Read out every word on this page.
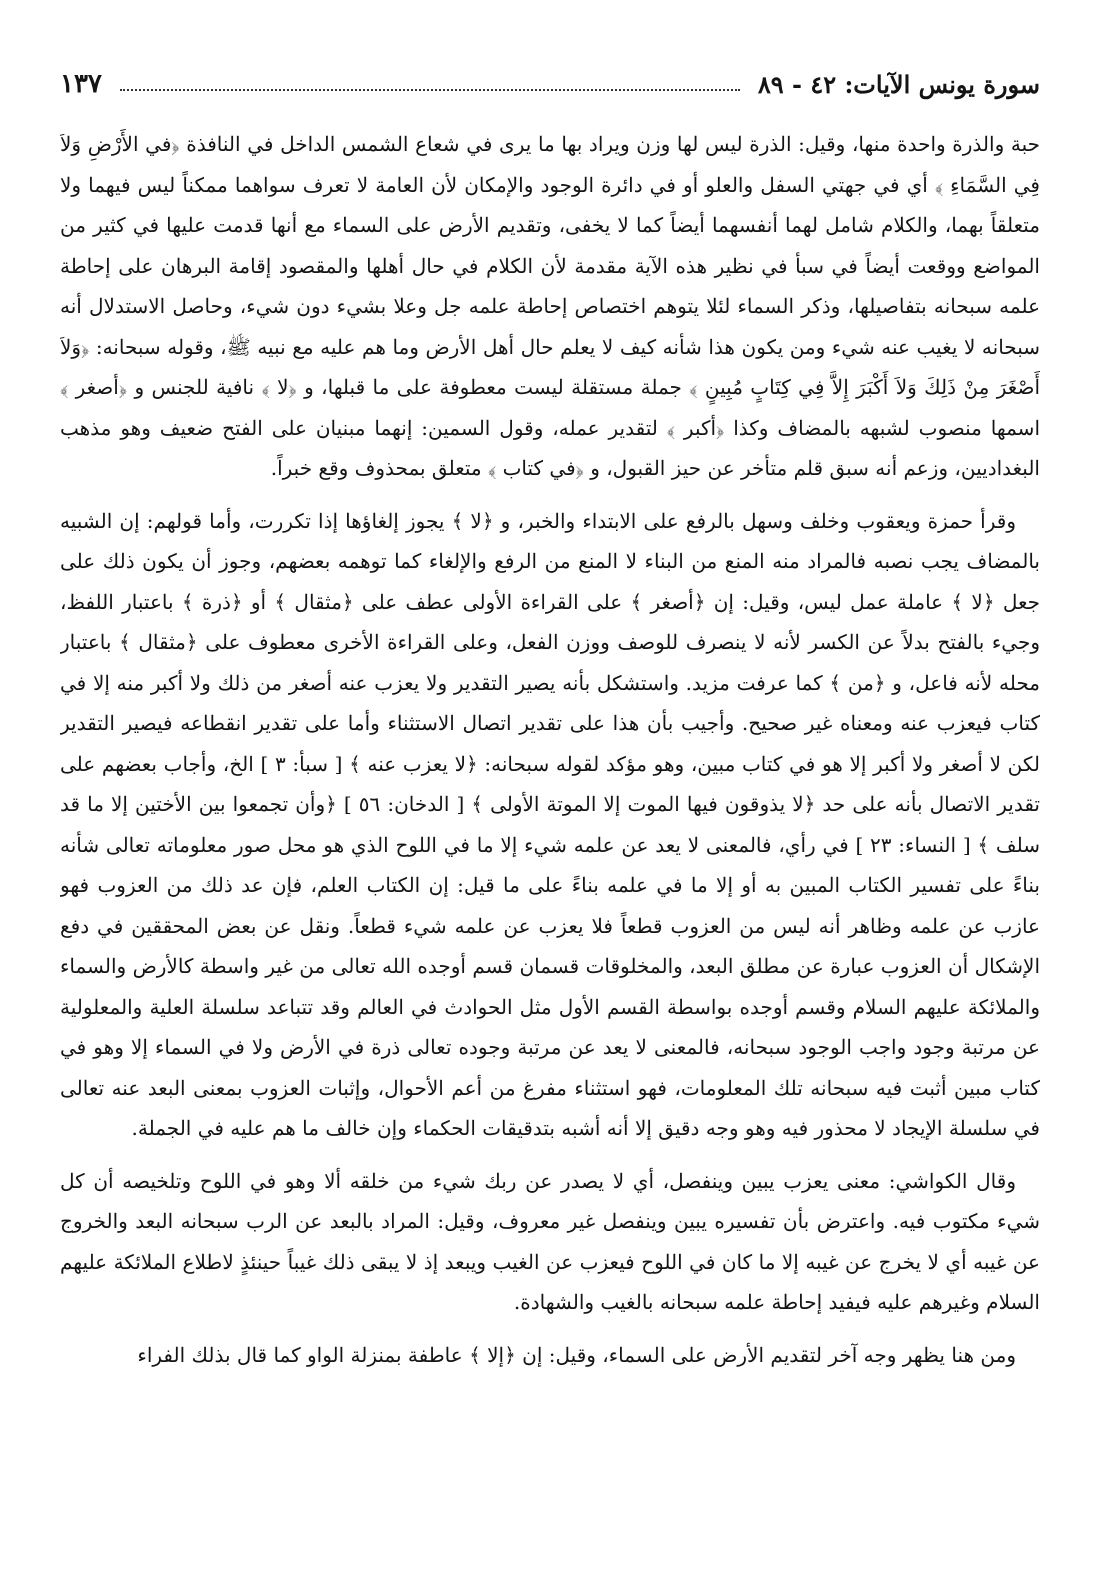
سورة يونس الآيات: ٤٢ - ٨٩
١٣٧

حبة والذرة واحدة منها، وقيل: الذرة ليس لها وزن ويراد بها ما يرى في شعاع الشمس الداخل في النافذة ﴿في الأَرْضِ وَلاَ فِي السَّمَاءِ ﴾ أي في جهتي السفل والعلو أو في دائرة الوجود والإمكان لأن العامة لا تعرف سواهما ممكناً ليس فيهما ولا متعلقاً بهما، والكلام شامل لهما أنفسهما أيضاً كما لا يخفى، وتقديم الأرض على السماء مع أنها قدمت عليها في كثير من المواضع ووقعت أيضاً في سبأ في نظير هذه الآية مقدمة لأن الكلام في حال أهلها والمقصود إقامة البرهان على إحاطة علمه سبحانه بتفاصيلها، وذكر السماء لئلا يتوهم اختصاص إحاطة علمه جل وعلا بشيء دون شيء، وحاصل الاستدلال أنه سبحانه لا يغيب عنه شيء ومن يكون هذا شأنه كيف لا يعلم حال أهل الأرض وما هم عليه مع نبيه ﷺ، وقوله سبحانه: ﴿وَلاَ أَصْغَرَ مِنْ ذَلِكَ وَلاَ أَكْبَرَ إِلاَّ فِي كِتَابٍ مُبِينٍ ﴾ جملة مستقلة ليست معطوفة على ما قبلها، و ﴿لا ﴾ نافية للجنس و ﴿أصغر ﴾ اسمها منصوب لشبهه بالمضاف وكذا ﴿أكبر ﴾ لتقدير عمله، وقول السمين: إنهما مبنيان على الفتح ضعيف وهو مذهب البغداديين، وزعم أنه سبق قلم متأخر عن حيز القبول، و ﴿في كتاب ﴾ متعلق بمحذوف وقع خبراً.

وقرأ حمزة ويعقوب وخلف وسهل بالرفع على الابتداء والخبر، و ﴿لا ﴾ يجوز إلغاؤها إذا تكررت، وأما قولهم: إن الشبيه بالمضاف يجب نصبه فالمراد منه المنع من البناء لا المنع من الرفع والإلغاء كما توهمه بعضهم، وجوز أن يكون ذلك على جعل ﴿لا ﴾ عاملة عمل ليس، وقيل: إن ﴿أصغر ﴾ على القراءة الأولى عطف على ﴿مثقال ﴾ أو ﴿ذرة ﴾ باعتبار اللفظ، وجيء بالفتح بدلاً عن الكسر لأنه لا ينصرف للوصف ووزن الفعل، وعلى القراءة الأخرى معطوف على ﴿مثقال ﴾ باعتبار محله لأنه فاعل، و ﴿من ﴾ كما عرفت مزيد. واستشكل بأنه يصير التقدير ولا يعزب عنه أصغر من ذلك ولا أكبر منه إلا في كتاب فيعزب عنه ومعناه غير صحيح. وأجيب بأن هذا على تقدير اتصال الاستثناء وأما على تقدير انقطاعه فيصير التقدير لكن لا أصغر ولا أكبر إلا هو في كتاب مبين، وهو مؤكد لقوله سبحانه: ﴿لا يعزب عنه ﴾ [ سبأ: ٣ ] الخ، وأجاب بعضهم على تقدير الاتصال بأنه على حد ﴿لا يذوقون فيها الموت إلا الموتة الأولى ﴾ [ الدخان: ٥٦ ] ﴿وأن تجمعوا بين الأختين إلا ما قد سلف ﴾ [ النساء: ٢٣ ] في رأي، فالمعنى لا يعد عن علمه شيء إلا ما في اللوح الذي هو محل صور معلوماته تعالى شأنه بناءً على تفسير الكتاب المبين به أو إلا ما في علمه بناءً على ما قيل: إن الكتاب العلم، فإن عد ذلك من العزوب فهو عازب عن علمه وظاهر أنه ليس من العزوب قطعاً فلا يعزب عن علمه شيء قطعاً. ونقل عن بعض المحققين في دفع الإشكال أن العزوب عبارة عن مطلق البعد، والمخلوقات قسمان قسم أوجده الله تعالى من غير واسطة كالأرض والسماء والملائكة عليهم السلام وقسم أوجده بواسطة القسم الأول مثل الحوادث في العالم وقد تتباعد سلسلة العلية والمعلولية عن مرتبة وجود واجب الوجود سبحانه، فالمعنى لا يعد عن مرتبة وجوده تعالى ذرة في الأرض ولا في السماء إلا وهو في كتاب مبين أثبت فيه سبحانه تلك المعلومات، فهو استثناء مفرغ من أعم الأحوال، وإثبات العزوب بمعنى البعد عنه تعالى في سلسلة الإيجاد لا محذور فيه وهو وجه دقيق إلا أنه أشبه بتدقيقات الحكماء وإن خالف ما هم عليه في الجملة.

وقال الكواشي: معنى يعزب يبين وينفصل، أي لا يصدر عن ربك شيء من خلقه ألا وهو في اللوح وتلخيصه أن كل شيء مكتوب فيه. واعترض بأن تفسيره يبين وينفصل غير معروف، وقيل: المراد بالبعد عن الرب سبحانه البعد والخروج عن غيبه أي لا يخرج عن غيبه إلا ما كان في اللوح فيعزب عن الغيب ويبعد إذ لا يبقى ذلك غيباً حينئذٍ لاطلاع الملائكة عليهم السلام وغيرهم عليه فيفيد إحاطة علمه سبحانه بالغيب والشهادة.

ومن هنا يظهر وجه آخر لتقديم الأرض على السماء، وقيل: إن ﴿إلا ﴾ عاطفة بمنزلة الواو كما قال بذلك الفراء
